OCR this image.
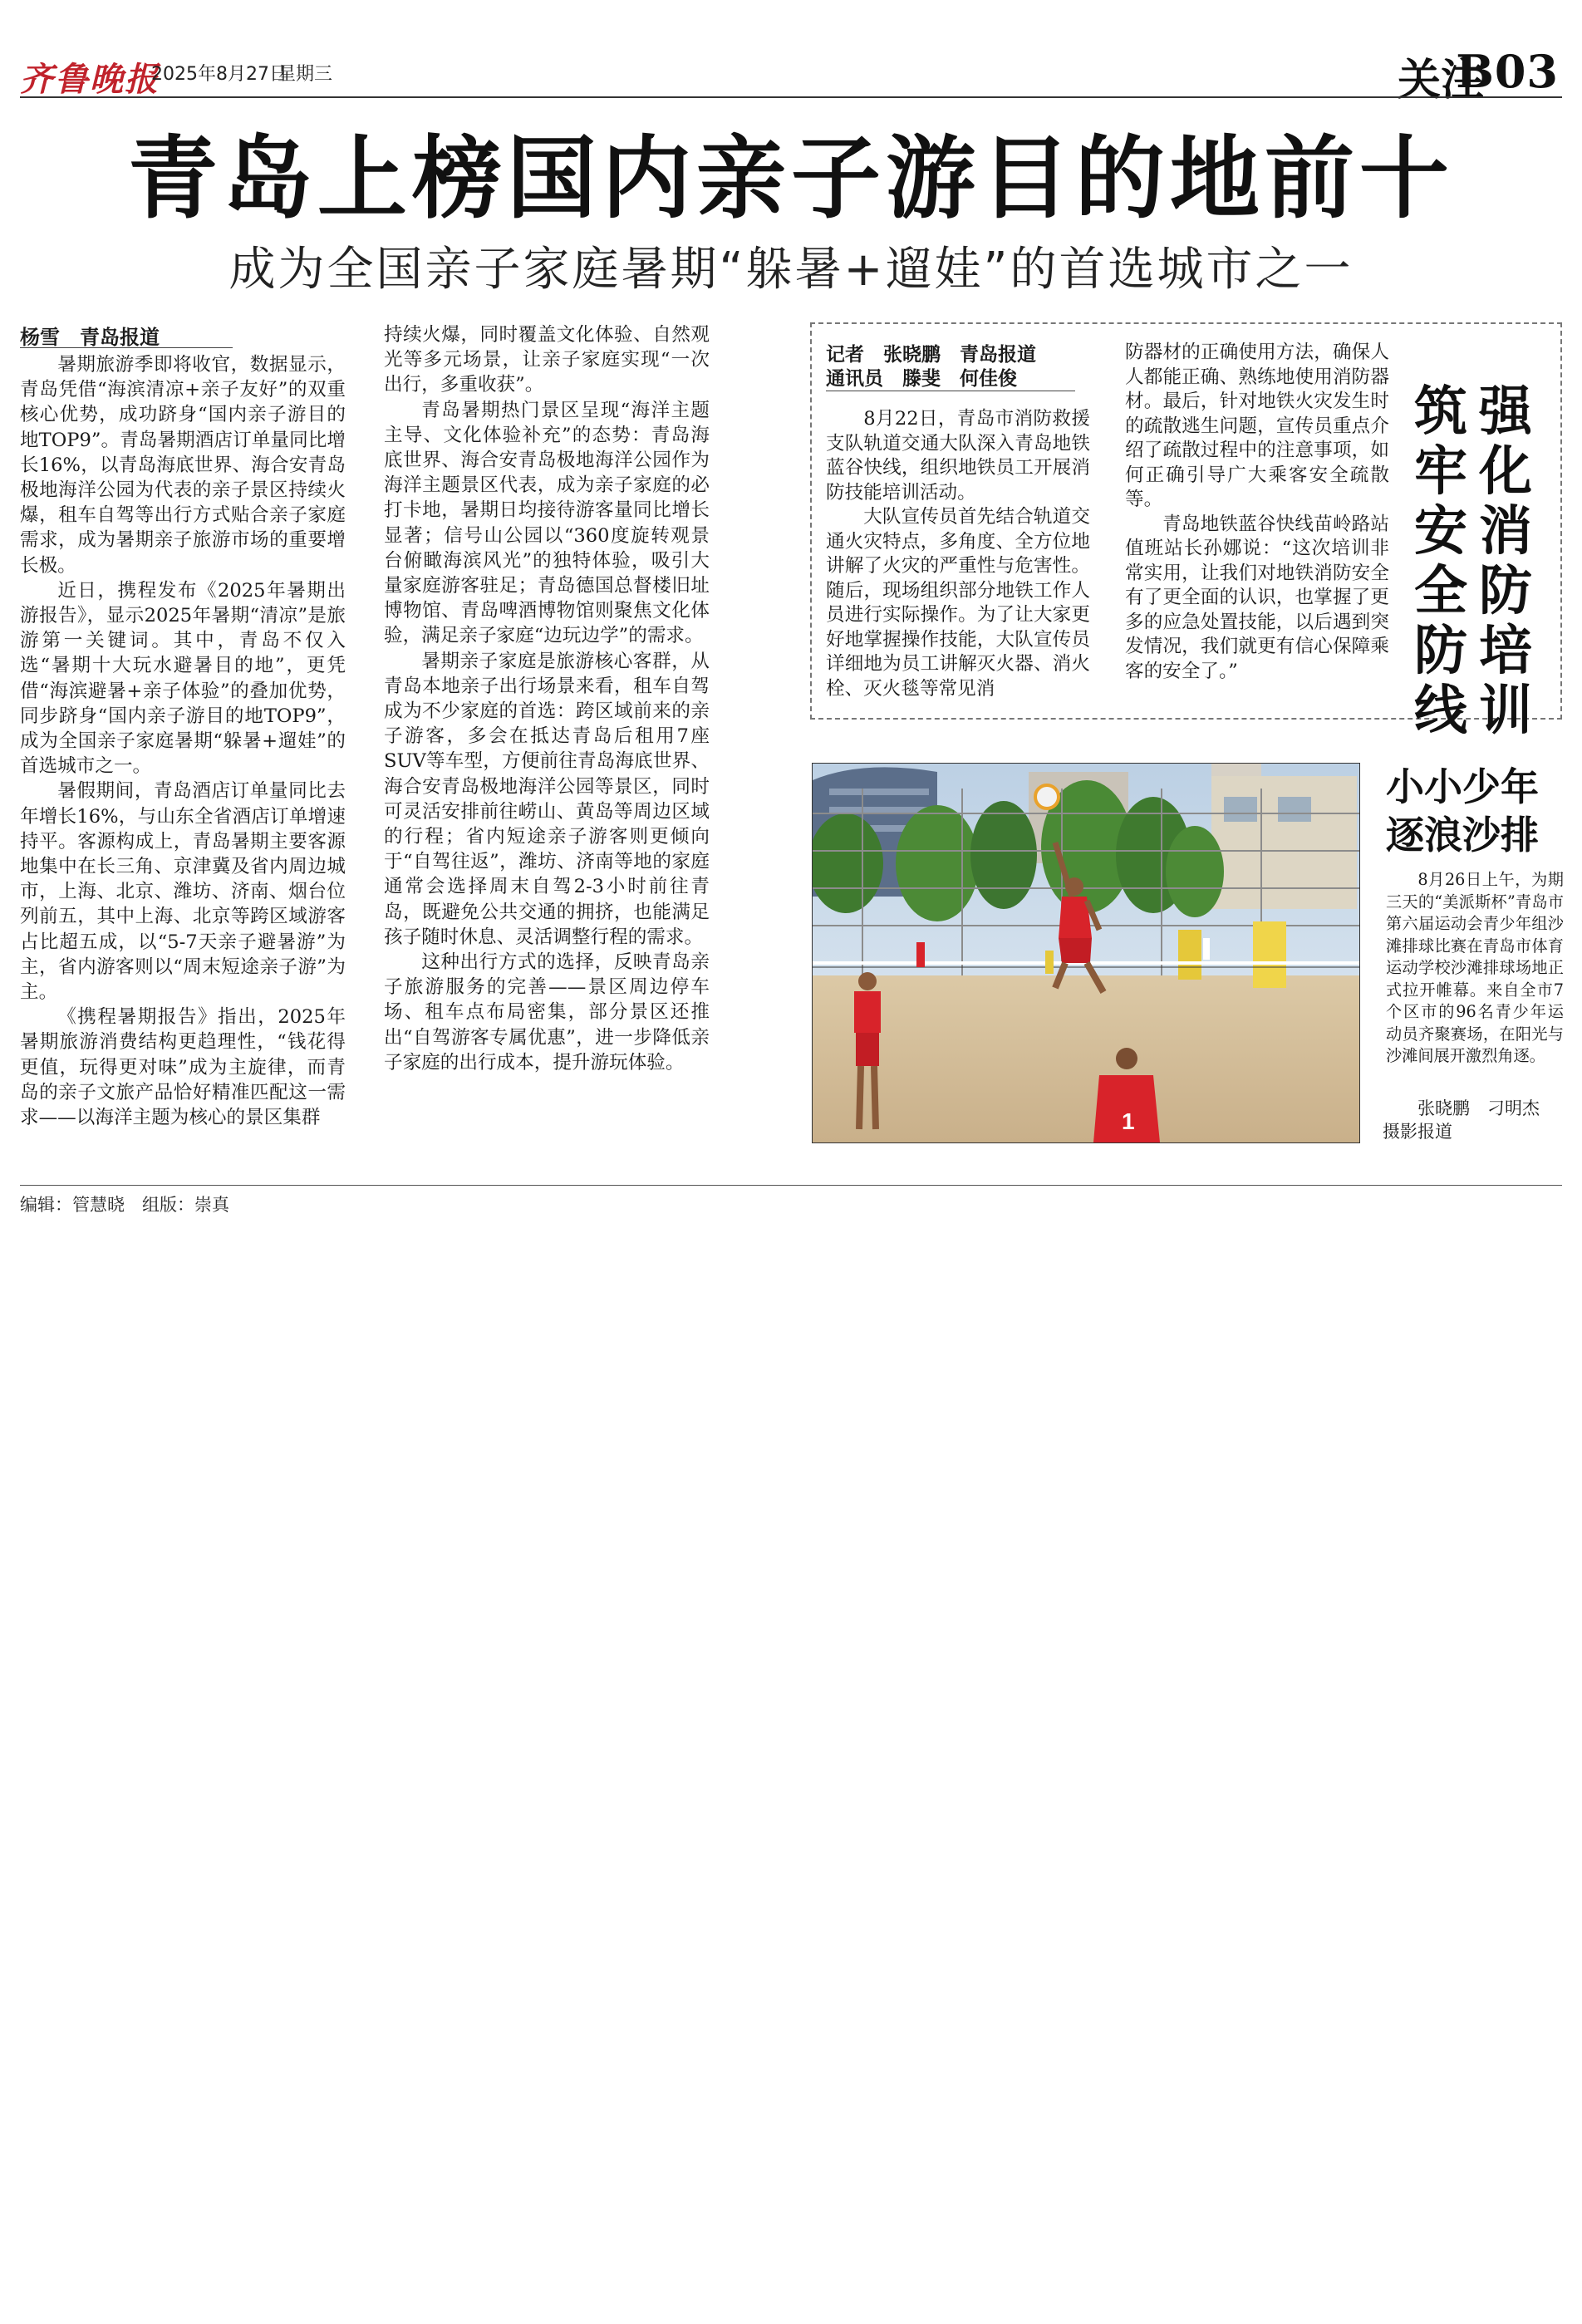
齐鲁晚报
2025年8月27日
星期三	关注
B03
青岛上榜国内亲子游目的地前十
成为全国亲子家庭暑期“躲暑+遛娃”的首选城市之一
杨雪　青岛报道

暑期旅游季即将收官，数据显示，青岛凭借“海滨清凉+亲子友好”的双重核心优势，成功跻身“国内亲子游目的地TOP9”。青岛暑期酒店订单量同比增长16%，以青岛海底世界、海合安青岛极地海洋公园为代表的亲子景区持续火爆，租车自驾等出行方式贴合亲子家庭需求，成为暑期亲子旅游市场的重要增长极。

近日，携程发布《2025年暑期出游报告》，显示2025年暑期“清凉”是旅游第一关键词。其中，青岛不仅入选“暑期十大玩水避暑目的地”，更凭借“海滨避暑+亲子体验”的叠加优势，同步跻身“国内亲子游目的地TOP9”，成为全国亲子家庭暑期“躲暑+遛娃”的首选城市之一。

暑假期间，青岛酒店订单量同比去年增长16%，与山东全省酒店订单增速持平。客源构成上，青岛暑期主要客源地集中在长三角、京津冀及省内周边城市，上海、北京、潍坊、济南、烟台位列前五，其中上海、北京等跨区域游客占比超五成，以“5-7天亲子避暑游”为主，省内游客则以“周末短途亲子游”为主。

《携程暑期报告》指出，2025年暑期旅游消费结构更趋理性，“钱花得更值，玩得更对味”成为主旋律，而青岛的亲子文旅产品恰好精准匹配这一需求——以海洋主题为核心的景区集群

持续火爆，同时覆盖文化体验、自然观光等多元场景，让亲子家庭实现“一次出行，多重收获”。

青岛暑期热门景区呈现“海洋主题主导、文化体验补充”的态势：青岛海底世界、海合安青岛极地海洋公园作为海洋主题景区代表，成为亲子家庭的必打卡地，暑期日均接待游客量同比增长显著；信号山公园以“360度旋转观景台俯瞰海滨风光”的独特体验，吸引大量家庭游客驻足；青岛德国总督楼旧址博物馆、青岛啤酒博物馆则聚焦文化体验，满足亲子家庭“边玩边学”的需求。

暑期亲子家庭是旅游核心客群，从青岛本地亲子出行场景来看，租车自驾成为不少家庭的首选：跨区域前来的亲子游客，多会在抵达青岛后租用7座SUV等车型，方便前往青岛海底世界、海合安青岛极地海洋公园等景区，同时可灵活安排前往崂山、黄岛等周边区域的行程；省内短途亲子游客则更倾向于“自驾往返”，潍坊、济南等地的家庭通常会选择周末自驾2-3小时前往青岛，既避免公共交通的拥挤，也能满足孩子随时休息、灵活调整行程的需求。

这种出行方式的选择，反映青岛亲子旅游服务的完善——景区周边停车场、租车点布局密集，部分景区还推出“自驾游客专属优惠”，进一步降低亲子家庭的出行成本，提升游玩体验。

记者　张晓鹏　青岛报道
通讯员　滕斐　何佳俊

8月22日，青岛市消防救援支队轨道交通大队深入青岛地铁蓝谷快线，组织地铁员工开展消防技能培训活动。

大队宣传员首先结合轨道交通火灾特点，多角度、全方位地讲解了火灾的严重性与危害性。随后，现场组织部分地铁工作人员进行实际操作。为了让大家更好地掌握操作技能，大队宣传员详细地为员工讲解灭火器、消火栓、灭火毯等常见消

防器材的正确使用方法，确保人人都能正确、熟练地使用消防器材。最后，针对地铁火灾发生时的疏散逃生问题，宣传员重点介绍了疏散过程中的注意事项，如何正确引导广大乘客安全疏散等。

青岛地铁蓝谷快线苗岭路站值班站长孙娜说：“这次培训非常实用，让我们对地铁消防安全有了更全面的认识，也掌握了更多的应急处置技能，以后遇到突发情况，我们就更有信心保障乘客的安全了。”

强化消防培训
筑牢安全防线
1
小小少年
逐浪沙排

8月26日上午，为期三天的“美派斯杯”青岛市第六届运动会青少年组沙滩排球比赛在青岛市体育运动学校沙滩排球场地正式拉开帷幕。来自全市7个区市的96名青少年运动员齐聚赛场，在阳光与沙滩间展开激烈角逐。

张晓鹏　刁明杰
摄影报道
编辑：管慧晓　组版：崇真
